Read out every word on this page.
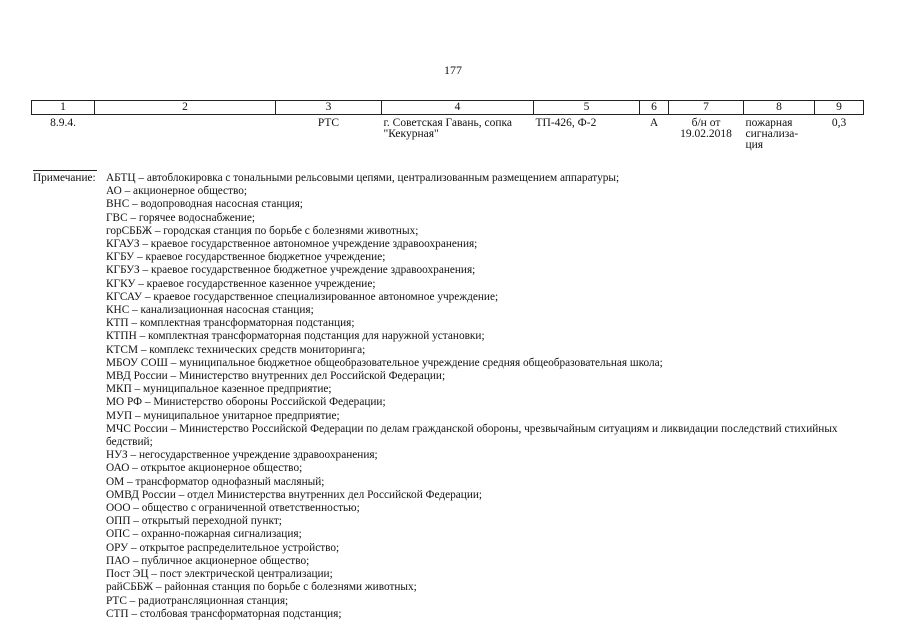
177
1	2	3	4	5	6	7	8	9
8.9.4.		РТС	г. Советская Гавань, сопка "Кекурная"	ТП-426, Ф-2	А	б/н от 19.02.2018	пожарная сигнализа-ция	0,3
Примечание: АБТЦ – автоблокировка с тональными рельсовыми цепями, централизованным размещением аппаратуры;

АО – акционерное общество;

ВНС – водопроводная насосная станция;

ГВС – горячее водоснабжение;

горСББЖ – городская станция по борьбе с болезнями животных;

КГАУЗ – краевое государственное автономное учреждение здравоохранения;

КГБУ – краевое государственное бюджетное учреждение;

КГБУЗ – краевое государственное бюджетное учреждение здравоохранения;

КГКУ – краевое государственное казенное учреждение;

КГСАУ – краевое государственное специализированное автономное учреждение;

КНС – канализационная насосная станция;

КТП – комплектная трансформаторная подстанция;

КТПН – комплектная трансформаторная подстанция для наружной установки;

КТСМ – комплекс технических средств мониторинга;

МБОУ СОШ – муниципальное бюджетное общеобразовательное учреждение средняя общеобразовательная школа;

МВД России – Министерство внутренних дел Российской Федерации;

МКП – муниципальное казенное предприятие;

МО РФ – Министерство обороны Российской Федерации;

МУП – муниципальное унитарное предприятие;

МЧС России – Министерство Российской Федерации по делам гражданской обороны, чрезвычайным ситуациям и ликвидации последствий стихийных бедствий;

НУЗ – негосударственное учреждение здравоохранения;

ОАО – открытое акционерное общество;

ОМ – трансформатор однофазный масляный;

ОМВД России – отдел Министерства внутренних дел Российской Федерации;

ООО – общество с ограниченной ответственностью;

ОПП – открытый переходной пункт;

ОПС – охранно-пожарная сигнализация;

ОРУ – открытое распределительное устройство;

ПАО – публичное акционерное общество;

Пост ЭЦ – пост электрической централизации;

райСББЖ – районная станция по борьбе с болезнями животных;

РТС – радиотрансляционная станция;

СТП – столбовая трансформаторная подстанция;
